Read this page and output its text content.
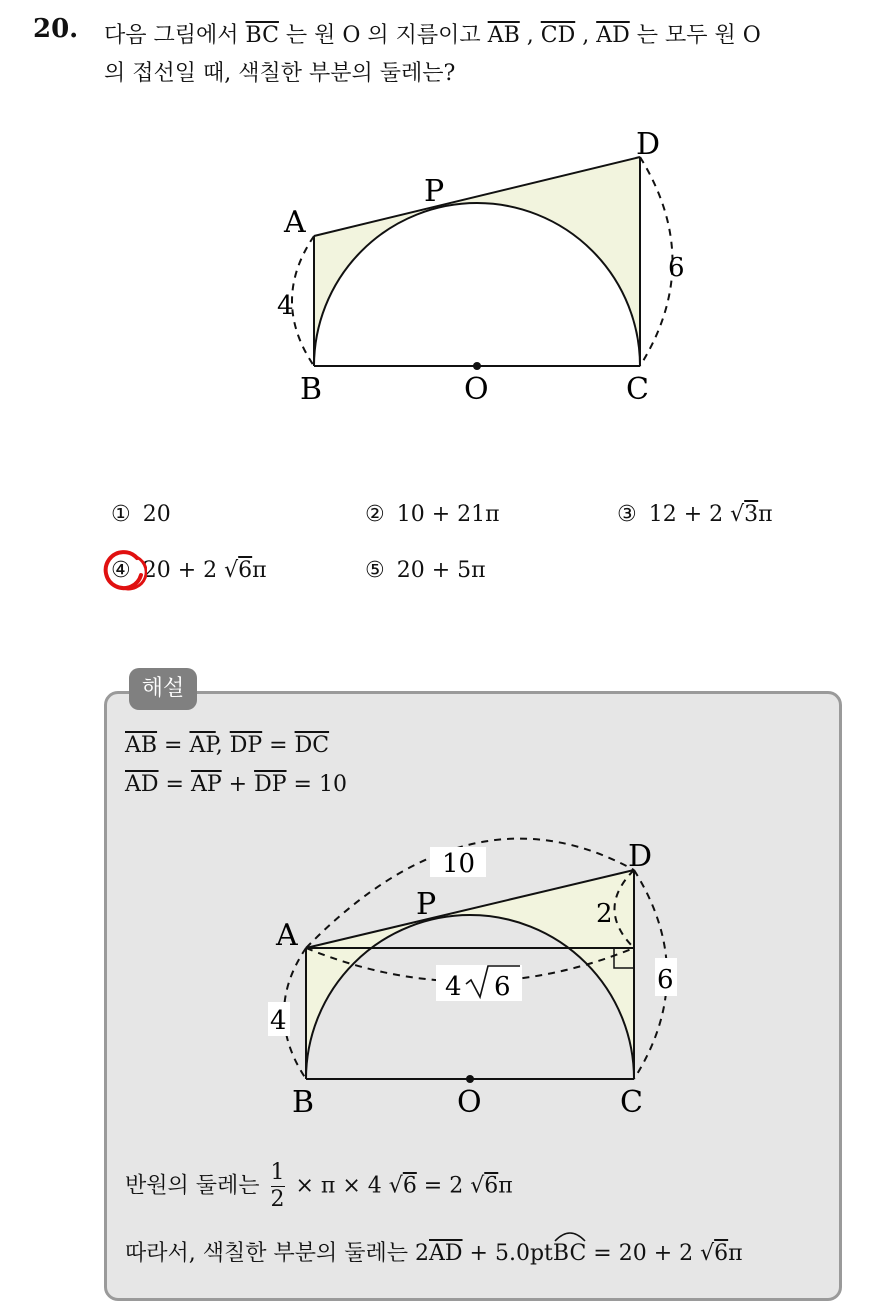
20. 다음 그림에서 $\overline{BC}$ 는 원 O 의 지름이고 $\overline{AB}$ , $\overline{CD}$ , $\overline{AD}$ 는 모두 원 O
의 접선일 때, 색칠한 부분의 둘레는?
A
B	C
D
O
P
4
6
① 20	② 10 + 21π	③ 12 + 2 √3π
④ 20 + 2 √6π	⑤ 20 + 5π
해설
$\overline{AB} = \overline{AP}$, $\overline{DP} = \overline{DC}$
$\overline{AD} = \overline{AP} + \overline{DP} = 10$
10
2
4
6
4 6
A
B	C
D
O
P
반원의 둘레는 $\frac{1}{2} \times \pi \times 4$ √6 = 2 √6π
따라서, 색칠한 부분의 둘레는 $2\overline{AD} + 5.0pt$
BC = 20 + 2 √6π
